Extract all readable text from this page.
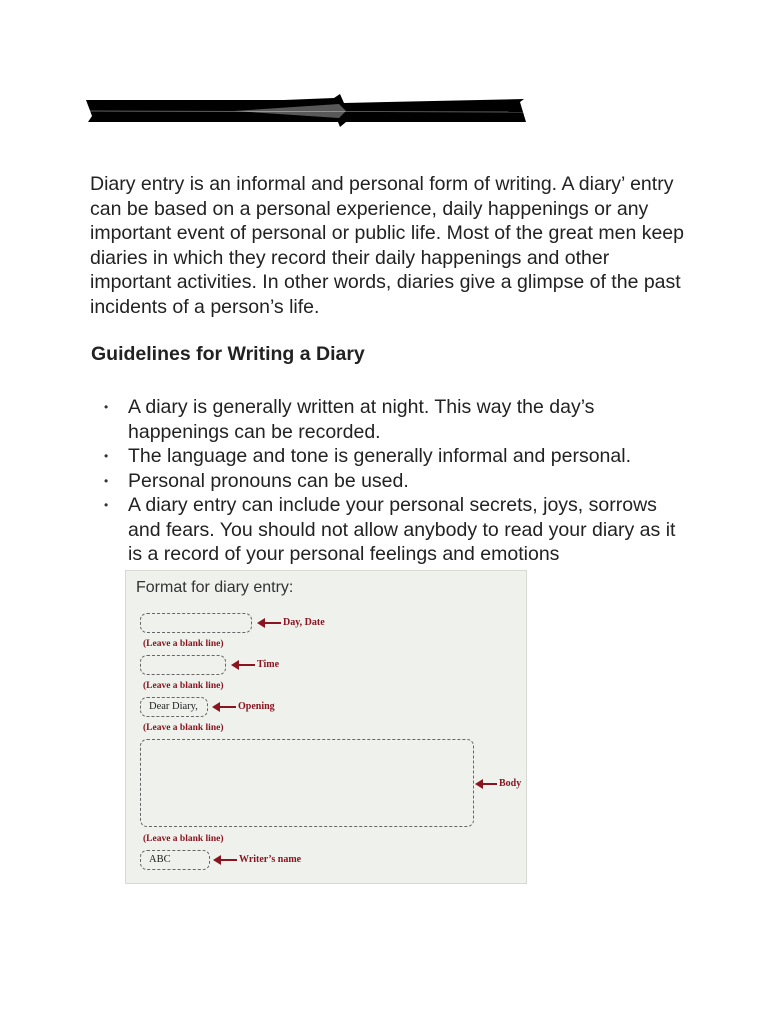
Diary entry is an informal and personal form of writing. A diary’ entry can be based on a personal experience, daily happenings or any important event of personal or public life. Most of the great men keep diaries in which they record their daily happenings and other important activities. In other words, diaries give a glimpse of the past incidents of a person’s life.

Guidelines for Writing a Diary
• A diary is generally written at night. This way the day’s happenings can be recorded.
• The language and tone is generally informal and personal.
• Personal pronouns can be used.
• A diary entry can include your personal secrets, joys, sorrows and fears. You should not allow anybody to read your diary as it is a record of your personal feelings and emotions

Format for diary entry:

Day, Date
(Leave a blank line)
Time
(Leave a blank line)
Dear Diary,	Opening
(Leave a blank line)
Body
(Leave a blank line)
ABC	Writer’s name
